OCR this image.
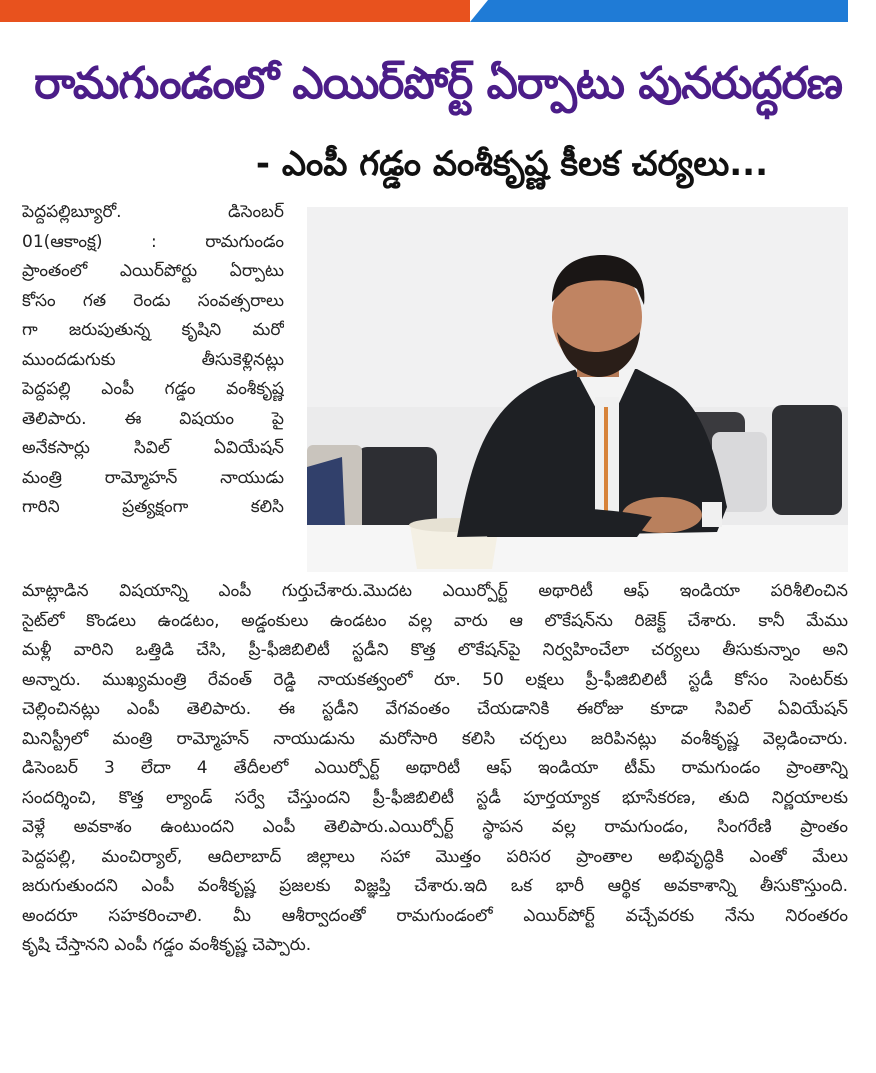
రామగుండంలో ఎయిర్‌పోర్ట్ ఏర్పాటు పునరుద్ధరణ
- ఎంపీ గడ్డం వంశీకృష్ణ కీలక చర్యలు...
పెద్దపల్లిబ్యూరో. డిసెంబర్
01(ఆకాంక్ష) : రామగుండం
ప్రాంతంలో ఎయిర్‌పోర్టు ఏర్పాటు
కోసం గత రెండు సంవత్సరాలు
గా జరుపుతున్న కృషిని మరో
ముందడుగుకు తీసుకెళ్లినట్లు
పెద్దపల్లి ఎంపీ గడ్డం వంశీకృష్ణ
తెలిపారు. ఈ విషయం పై
అనేకసార్లు సివిల్ ఏవియేషన్
మంత్రి రామ్మోహన్ నాయుడు
గారిని ప్రత్యక్షంగా కలిసి
మాట్లాడిన విషయాన్ని ఎంపీ గుర్తుచేశారు.మొదట ఎయిర్పోర్ట్ అథారిటీ ఆఫ్ ఇండియా పరిశీలించిన
సైట్‌లో కొండలు ఉండటం, అడ్డంకులు ఉండటం వల్ల వారు ఆ లొకేషన్‌ను రిజెక్ట్ చేశారు. కానీ మేము
మళ్లీ వారిని ఒత్తిడి చేసి, ప్రీ-ఫీజిబిలిటీ స్టడీని కొత్త లొకేషన్‌పై నిర్వహించేలా చర్యలు తీసుకున్నాం అని
అన్నారు. ముఖ్యమంత్రి రేవంత్ రెడ్డి నాయకత్వంలో రూ. 50 లక్షలు ప్రీ-ఫీజిబిలిటీ స్టడీ కోసం సెంటర్‌కు
చెల్లించినట్లు ఎంపీ తెలిపారు. ఈ స్టడీని వేగవంతం చేయడానికి ఈరోజు కూడా సివిల్ ఏవియేషన్
మినిస్ట్రీలో మంత్రి రామ్మోహన్ నాయుడును మరోసారి కలిసి చర్చలు జరిపినట్లు వంశీకృష్ణ వెల్లడించారు.
డిసెంబర్ 3 లేదా 4 తేదీలలో ఎయిర్పోర్ట్ అథారిటీ ఆఫ్ ఇండియా టీమ్ రామగుండం ప్రాంతాన్ని
సందర్శించి, కొత్త ల్యాండ్ సర్వే చేస్తుందని ప్రీ-ఫీజిబిలిటీ స్టడీ పూర్తయ్యాక భూసేకరణ, తుది నిర్ణయాలకు
వెళ్లే అవకాశం ఉంటుందని ఎంపీ తెలిపారు.ఎయిర్పోర్ట్ స్థాపన వల్ల రామగుండం, సింగరేణి ప్రాంతం
పెద్దపల్లి, మంచిర్యాల్, ఆదిలాబాద్ జిల్లాలు సహా మొత్తం పరిసర ప్రాంతాల అభివృద్ధికి ఎంతో మేలు
జరుగుతుందని ఎంపీ వంశీకృష్ణ ప్రజలకు విజ్ఞప్తి చేశారు.ఇది ఒక భారీ ఆర్థిక అవకాశాన్ని తీసుకొస్తుంది.
అందరూ సహకరించాలి. మీ ఆశీర్వాదంతో రామగుండంలో ఎయిర్‌పోర్ట్ వచ్చేవరకు నేను నిరంతరం
కృషి చేస్తానని ఎంపీ గడ్డం వంశీకృష్ణ చెప్పారు.
